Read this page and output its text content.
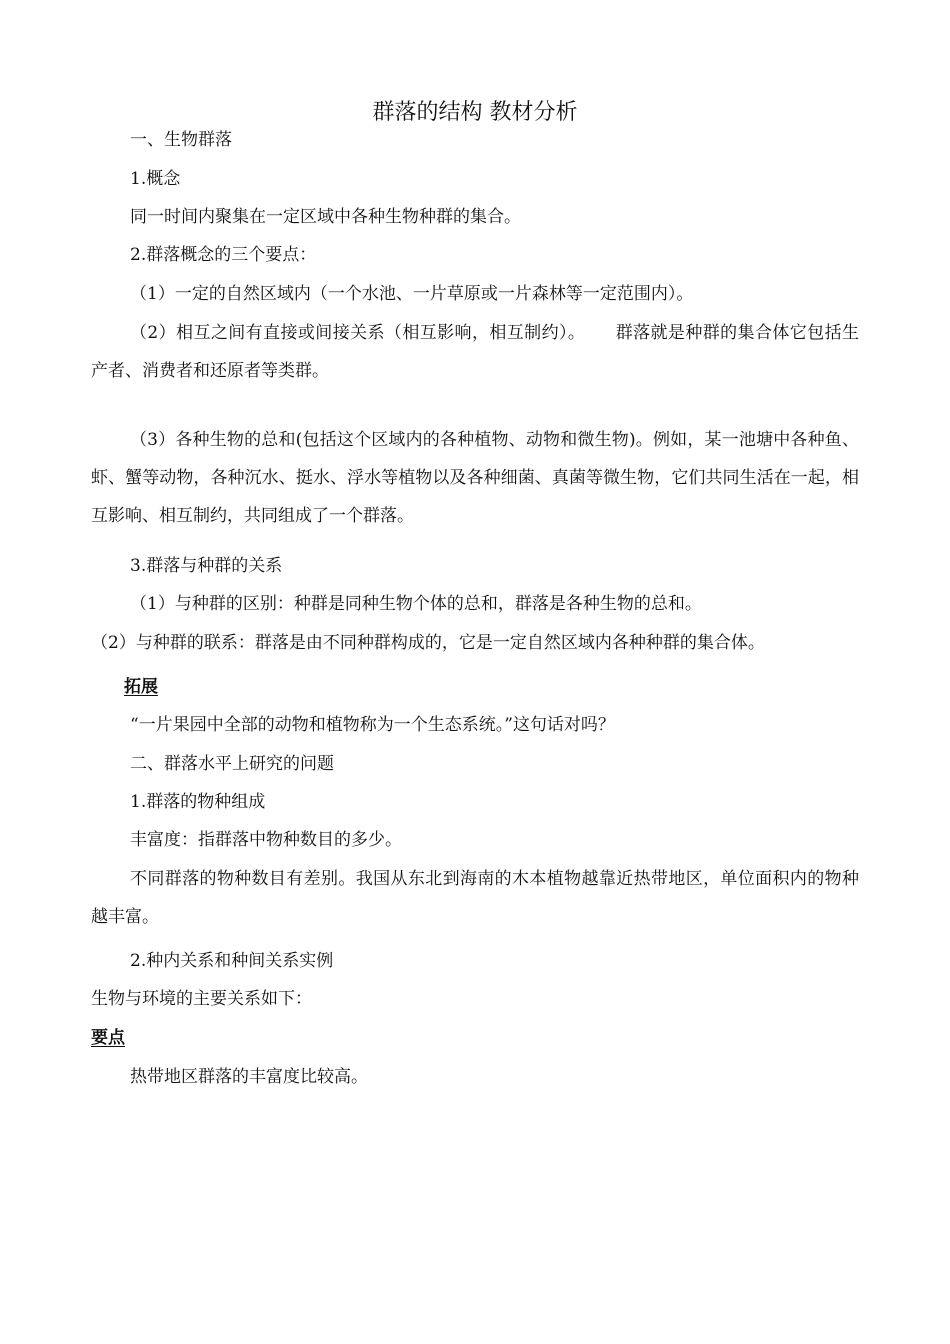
群落的结构 教材分析
一、生物群落
1.概念
同一时间内聚集在一定区域中各种生物种群的集合。
2.群落概念的三个要点：
（1）一定的自然区域内（一个水池、一片草原或一片森林等一定范围内）。
（2）相互之间有直接或间接关系（相互影响，相互制约）。 群落就是种群的集合体它包括生产者、消费者和还原者等类群。
（3）各种生物的总和(包括这个区域内的各种植物、动物和微生物)。例如，某一池塘中各种鱼、虾、蟹等动物，各种沉水、挺水、浮水等植物以及各种细菌、真菌等微生物，它们共同生活在一起，相互影响、相互制约，共同组成了一个群落。
3.群落与种群的关系
（1）与种群的区别：种群是同种生物个体的总和，群落是各种生物的总和。
（2）与种群的联系：群落是由不同种群构成的，它是一定自然区域内各种种群的集合体。
拓展
“一片果园中全部的动物和植物称为一个生态系统。”这句话对吗？
二、群落水平上研究的问题
1.群落的物种组成
丰富度：指群落中物种数目的多少。
不同群落的物种数目有差别。我国从东北到海南的木本植物越靠近热带地区，单位面积内的物种越丰富。
2.种内关系和种间关系实例
生物与环境的主要关系如下：
要点
热带地区群落的丰富度比较高。
